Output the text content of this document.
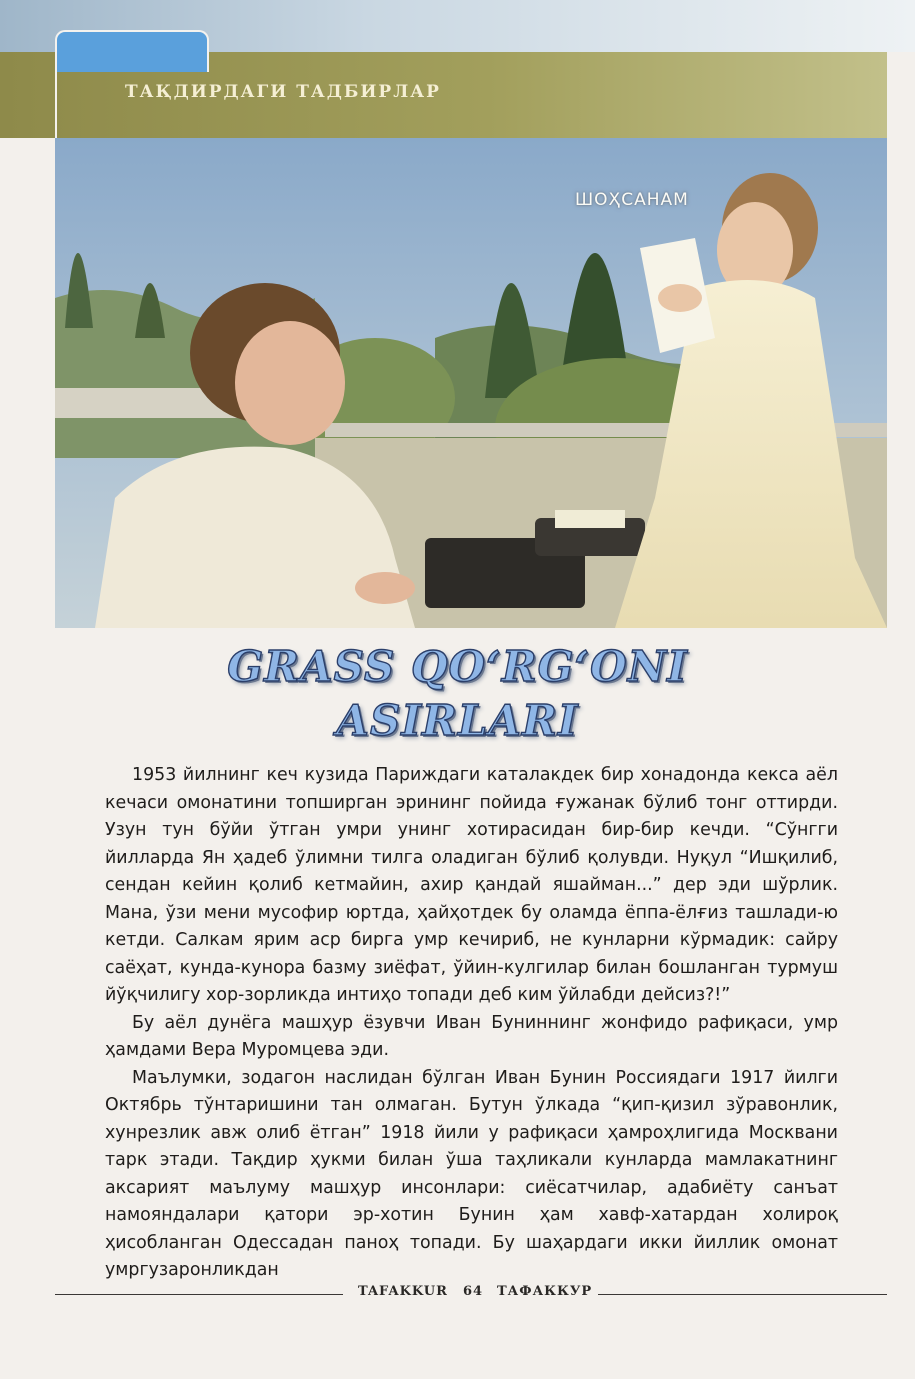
ТАҚДИРДАГИ ТАДБИРЛАР
ШОҲСАНАМ
GRASS QO‘RG‘ONI
ASIRLARI

1953 йилнинг кеч кузида Париждаги каталакдек бир хонадонда кекса аёл кечаси омонатини топширган эрининг пойида ғужанак бўлиб тонг оттирди. Узун тун бўйи ўтган умри унинг хотирасидан бир-бир кечди. “Сўнгги йилларда Ян ҳадеб ўлимни тилга оладиган бўлиб қолувди. Нуқул “Ишқилиб, сендан кейин қолиб кетмайин, ахир қандай яшайман...” дер эди шўрлик. Мана, ўзи мени мусофир юртда, ҳайҳотдек бу оламда ёппа-ёлғиз ташлади-ю кетди. Салкам ярим аср бирга умр кечириб, не кунларни кўрмадик: сайру саёҳат, кунда-кунора базму зиёфат, ўйин-кулгилар билан бошланган турмуш йўқчилигу хор-зорликда интиҳо топади деб ким ўйлабди дейсиз?!”

Бу аёл дунёга машҳур ёзувчи Иван Буниннинг жонфидо рафиқаси, умр ҳамдами Вера Муромцева эди.

Маълумки, зодагон наслидан бўлган Иван Бунин Россиядаги 1917 йилги Октябрь тўнтаришини тан олмаган. Бутун ўлкада “қип-қизил зўравонлик, хунрезлик авж олиб ётган” 1918 йили у рафиқаси ҳамроҳлигида Москвани тарк этади. Тақдир ҳукми билан ўша таҳликали кунларда мамлакатнинг аксарият маълуму машҳур инсонлари: сиёсатчилар, адабиёту санъат намояндалари қатори эр-хотин Бунин ҳам хавф-хатардан холироқ ҳисобланган Одессадан паноҳ топади. Бу шаҳардаги икки йиллик омонат умргузаронликдан

TAFAKKUR 64 ТАФАККУР
